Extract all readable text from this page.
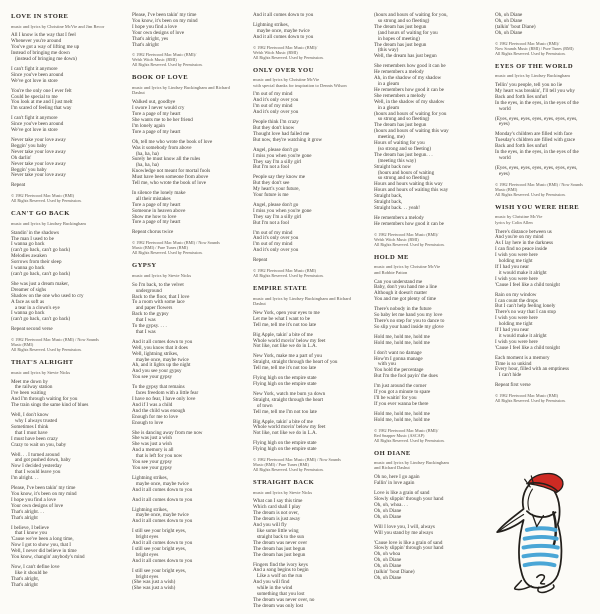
LOVE IN STORE
music and lyrics by Christine McVie and Jim Recor
All I know is the way that I feel
Whenever you're around
You've got a way of lifting me up
Instead of bringing me down
(instead of bringing me down)
I can't fight it anymore
Since you've been around
We've got love in store
You're the only one I ever felt
Could be special to me
You look at me and I just melt
I'm scared of feeling that way
I can't fight it anymore
Since you've been around
We've got love in store
Never take your love away
Beggin' you baby
Never take your love away
Oh darlin'
Never take your love away
Beggin' you baby
Never take your love away
Repeat
© 1982 Fleetwood Mac Music (BMI)
All Rights Reserved. Used by Permission.
CAN'T GO BACK
music and lyrics by Lindsey Buckingham
Standin' in the shadows
The man I used to be
I wanna go back
(can't go back, can't go back)
Melodies awaken
Sorrows from their sleep
I wanna go back
(can't go back, can't go back)
She was just a dream maker,
Dreamer of sighs
Shadow on the one who used to cry
A face as soft as
a tear in a clown's eye
I wanna go back
(can't go back, can't go back)
Repeat second verse
© 1982 Fleetwood Mac Music (BMI) / Now Sounds
Music (BMI)
All Rights Reserved. Used by Permission.
THAT'S ALRIGHT
music and lyrics by Stevie Nicks
Meet me down by
the railway station
I've been waiting
And I'm through waiting for you
The train sings the same kind of blues
Well, I don't know
why I always trusted
Sometimes I think
that I must have
I must have been crazy
Crazy to wait on you, baby
Well. . . I turned around
and got pushed down, baby
Now I decided yesterday
that I would leave you
I'm alright. . .
Please, I've been takin' my time
You know, it's been on my mind
I hope you find a love
Your own designs of love
That's alright. . .
That's alright
I believe, I believe
that I know you
'Cause we've been a long time,
Now I got to show you, that I
Well, I never did believe in time
You know, changin' anybody's mind
Now, I can't define love
like it should be
That's alright,
That's alright
Please, I've been takin' my time
You know, it's been on my mind
I hope you find a love
Your own designs of love
That's alright, yes
That's alright
© 1982 Fleetwood Mac Music (BMI)/
Welsh Witch Music (BMI)
All Rights Reserved. Used by Permission.
BOOK OF LOVE
music and lyrics by Lindsey Buckingham and Richard
Dashut
Walked out, goodbye
I swore I never would cry
Tore a page of my heart
She wants me to be her friend
I'm lonely again
Tore a page of my heart
Oh, tell me who wrote the book of love
Was it somebody from above
(ha, ha, ha)
Surely he must know all the rules
(ha, ha, ha)
Knowledge not meant for mortal fools
Must have been someone from above
Tell me, who wrote the book of love
In silence the lonely make
all their mistakes
Tore a page of my heart
Someone in heaven above
Show me how to love
Tore a page of my heart
Repeat chorus twice
© 1982 Fleetwood Mac Music (BMI) / Now Sounds
Music (BMI) / Pure Tunes (BMI)
All Rights Reserved. Used by Permission.
GYPSY
music and lyrics by Stevie Nicks
So I'm back, to the velvet
underground
Back to the floor, that I love
To a room with some lace
and paper flowers
Back to the gypsy
that I was
To the gypsy. . . .
that I was
And it all comes down to you
Well, you know that it does
Well, lightning strikes,
maybe once, maybe twice
Ah, and it lights up the night
And you see your gypsy
You see your gypsy
To the gypsy that remains
faces freedom with a little fear
I have no fear, I have only love
And if I was a child
And the child was enough
Enough for me to love
Enough to love
She is dancing away from me now
She was just a wish
She was just a wish
And a memory is all
that is left for you now
You see your gypsy
You see your gypsy
Lightning strikes,
maybe once, maybe twice
And it all comes down to you
And it all comes down to you
Lightning strikes,
maybe once, maybe twice
And it all comes down to you
I still see your bright eyes,
bright eyes
And it all comes down to you
I still see your bright eyes,
bright eyes
And it all comes down to you
I still see your bright eyes,
bright eyes
(She was just a wish)
(She was just a wish)
And it all comes down to you
Lightning strikes,
maybe once, maybe twice
And it all comes down to you
© 1982 Fleetwood Mac Music (BMI)/
Welsh Witch Music (BMI)
All Rights Reserved. Used by Permission.
ONLY OVER YOU
music and lyrics by Christine McVie
with special thanks for inspiration to Dennis Wilson
I'm out of my mind
And it's only over you
I'm out of my mind
And it's only over you
People think I'm crazy
But they don't know
Thought love had failed me
But now, they're watching it grow
Angel, please don't go
I miss you when you're gone
They say I'm a silly girl
But I'm not a fool
People say they know me
But they don't see
My heart's your future,
Your future is me
Angel, please don't go
I miss you when you're gone
They say I'm a silly girl
But I'm not a fool
I'm out of my mind
And it's only over you
I'm out of my mind
And it's only over you
Repeat
© 1982 Fleetwood Mac Music (BMI)
All Rights Reserved. Used by Permission.
EMPIRE STATE
music and lyrics by Lindsey Buckingham and Richard
Dashut
New York, open your eyes to me
Let me be what I want to be
Tell me, tell me it's not too late
Big Apple, takin' a bite of me
Whole world movin' below my feet
Not like, not like we do in L.A.
New York, make me a part of you
Straight, straight through the heart of you
Tell me, tell me it's not too late
Flying high on the empire state
Flying high on the empire state
New York, watch me burn ya down
Straight, straight through the heart
of town
Tell me, tell me I'm not too late
Big Apple, takin' a bite of me
Whole world movin' below my feet
Not like, not like we do in L.A.
Flying high on the empire state
Flying high on the empire state
© 1982 Fleetwood Mac Music (BMI) / Now Sounds
Music (BMI) / Pure Tunes (BMI)
All Rights Reserved. Used by Permission.
STRAIGHT BACK
music and lyrics by Stevie Nicks
What can I say this time
Which card shall I play
The dream is not over,
The dream is just away
And you will fly
like some little wing
straight back to the sun
The dream was never over
The dream has just begun
The dream has just begun
Fingers find the ivory keys
And a song begins to begin
Like a wolf on the run
And you will find
while in the wind
something that you lost
The dream was never over, no
The dream was only lost
(hours and hours of waiting for you,
so strong and so fleeting)
The dream has just begun
(and hours of waiting for you
in hopes of meeting)
The dream has just begun
(this way)
Well, the dream has just begun
She remembers how good it can be
He remembers a melody
Ah, in the shadow of my shadow
in a gleam
He remembers how good it can be
She remembers a melody
Well, in the shadow of my shadow
in a gleam
(hours and hours of waiting for you
so strong and so fleeting)
The dream has just begun
(hours and hours of waiting this way
meeting, me)
Hours of waiting for you
(so strong and so fleeting)
The dream has just begun. . .
(meeting this way)
Straight back now
(hours and hours of waiting
so strong and so fleeting)
Hours and hours waiting this way
Hours and hours of waiting this way
Straight back,
Straight back,
Straight back. . . yeah!
He remembers a melody
He remembers how good it can be
© 1982 Fleetwood Mac Music (BMI)/
Welsh Witch Music (BMI)
All Rights Reserved. Used by Permission.
HOLD ME
music and lyrics by Christine McVie
and Robbie Patton
Can you understand me
Baby, don't you hand me a line
Although it doesn't matter
You and me got plenty of time
There's nobody in the future
So baby let me hand you my love
There's no step for you to dance to
So slip your hand inside my glove
Hold me, hold me, hold me
Hold me, hold me, hold me
I don't want no damage
How'm I gonna manage
with you
You hold the percentage
But I'm the fool payin' the dues
I'm just around the corner
If you got a minute to spare
I'll be waitin' for you
If you ever wanna be there
Hold me, hold me, hold me
Hold me, hold me, hold me
© 1982 Fleetwood Mac Music (BMI)/
Red Snapper Music (ASCAP)
All Rights Reserved. Used by Permission.
OH DIANE
music and lyrics by Lindsey Buckingham
and Richard Dashut
Oh no, here I go again
Fallin' in love again
Love is like a grain of sand
Slowly slippin' through your hand
Oh, oh, whoa. . .
Oh, oh Diane
Oh, oh Diane
Will I love you, I will, always
Will you stand by me always
'Cause love is like a grain of sand
Slowly slippin' through your hand
Oh, oh whoa
Oh, oh Diane
Oh, oh Diane
(talkin' 'bout Diane)
Oh, oh Diane
Oh, oh Diane
Oh, oh Diane
(talkin' 'bout Diane)
Oh, oh Diane
© 1982 Fleetwood Mac Music (BMI)/
Now Sounds Music (BMI) / Pure Tunes (BMI)
All Rights Reserved. Used by Permission.
EYES OF THE WORLD
music and lyrics by Lindsey Buckingham
Tellin' you people, tell you no lie
My heart was breakin', I'll tell you why
Back and forth lies unfurl
In the eyes, in the eyes, in the eyes of the
world
(Eyes, eyes, eyes, eyes, eyes, eyes, eyes,
eyes)
Monday's children are filled with face
Tuesday's children are filled with grace
Back and forth lies unfurl
In the eyes, in the eyes, in the eyes of the
world
(Eyes, eyes, eyes, eyes, eyes, eyes, eyes,
eyes)
© 1982 Fleetwood Mac Music (BMI) / Now Sounds
Music (BMI)
All Rights Reserved. Used by Permission.
WISH YOU WERE HERE
music by Christine McVie
lyrics by Colin Allen
There's distance between us
And you're on my mind
As I lay here in the darkness
I can find no peace inside
I wish you were here
holding me tight
If I had you near
it would make it alright
I wish you were here
'Cause I feel like a child tonight
Rain on my window
I can count the drops
But I can't help feeling lonely
There's no way that I can stop
I wish you were here
holding me tight
If I had you near
it would make it alright
I wish you were here
'Cause I feel like a child tonight
Each moment is a memory
Time is so unkind
Every hour, filled with an emptiness
I can't hide
Repeat first verse
© 1982 Fleetwood Mac Music (BMI)
All Rights Reserved. Used by Permission.
